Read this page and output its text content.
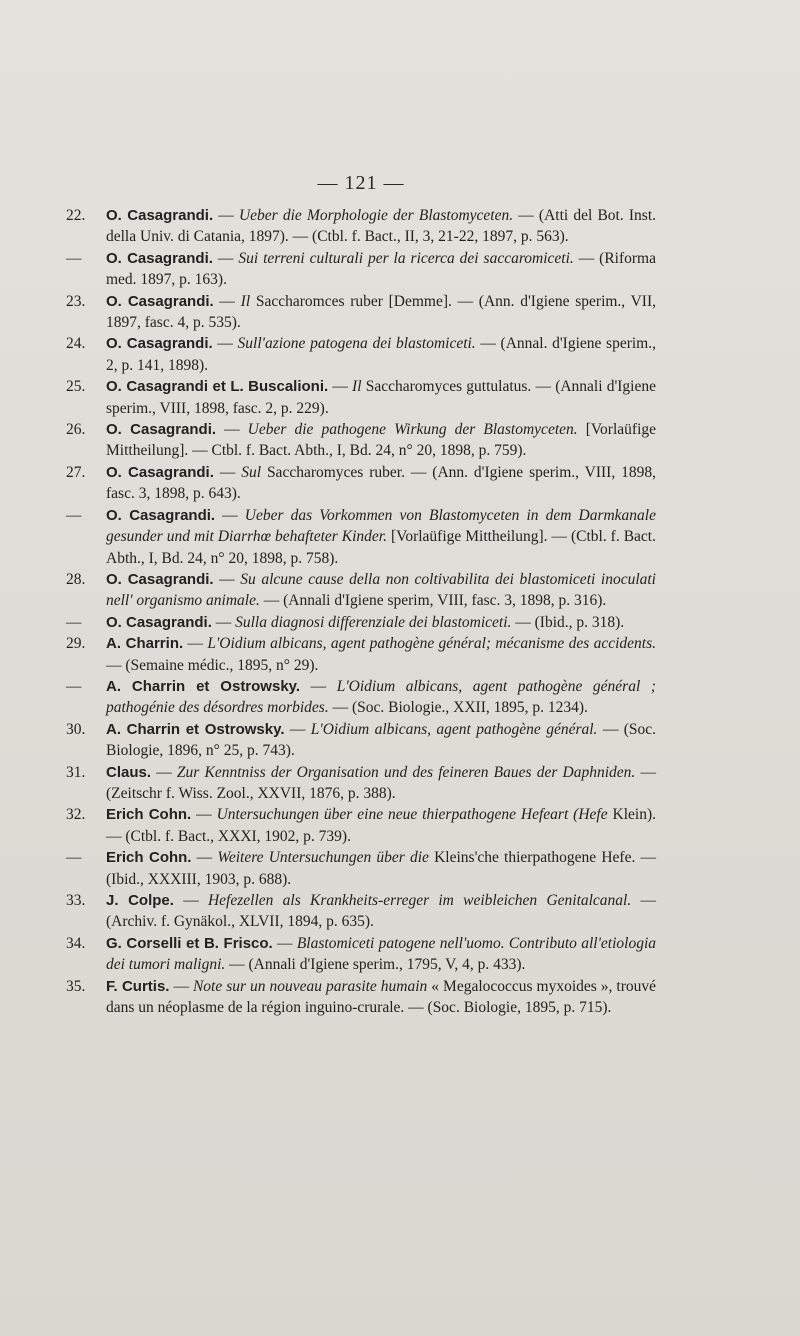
— 121 —
22.	O. Casagrandi. — Ueber die Morphologie der Blastomyceten. — (Atti del Bot. Inst. della Univ. di Catania, 1897). — (Ctbl. f. Bact., II, 3, 21-22, 1897, p. 563).
—	O. Casagrandi. — Sui terreni culturali per la ricerca dei saccaromiceti. — (Riforma med. 1897, p. 163).
23.	O. Casagrandi. — Il Saccharomces ruber [Demme]. — (Ann. d'Igiene sperim., VII, 1897, fasc. 4, p. 535).
24.	O. Casagrandi. — Sull'azione patogena dei blastomiceti. — (Annal. d'Igiene sperim., 2, p. 141, 1898).
25.	O. Casagrandi et L. Buscalioni. — Il Saccharomyces guttulatus. — (Annali d'Igiene sperim., VIII, 1898, fasc. 2, p. 229).
26.	O. Casagrandi. — Ueber die pathogene Wirkung der Blastomyceten. [Vorlaüfige Mittheilung]. — Ctbl. f. Bact. Abth., I, Bd. 24, n° 20, 1898, p. 759).
27.	O. Casagrandi. — Sul Saccharomyces ruber. — (Ann. d'Igiene sperim., VIII, 1898, fasc. 3, 1898, p. 643).
—	O. Casagrandi. — Ueber das Vorkommen von Blastomyceten in dem Darmkanale gesunder und mit Diarrhœ behafteter Kinder. [Vorlaüfige Mittheilung]. — (Ctbl. f. Bact. Abth., I, Bd. 24, n° 20, 1898, p. 758).
28.	O. Casagrandi. — Su alcune cause della non coltivabilita dei blastomiceti inoculati nell' organismo animale. — (Annali d'Igiene sperim, VIII, fasc. 3, 1898, p. 316).
—	O. Casagrandi. — Sulla diagnosi differenziale dei blastomiceti. — (Ibid., p. 318).
29.	A. Charrin. — L'Oidium albicans, agent pathogène général; mécanisme des accidents. — (Semaine médic., 1895, n° 29).
—	A. Charrin et Ostrowsky. — L'Oidium albicans, agent pathogène général ; pathogénie des désordres morbides. — (Soc. Biologie., XXII, 1895, p. 1234).
30.	A. Charrin et Ostrowsky. — L'Oidium albicans, agent pathogène général. — (Soc. Biologie, 1896, n° 25, p. 743).
31.	Claus. — Zur Kenntniss der Organisation und des feineren Baues der Daphniden. — (Zeitschr f. Wiss. Zool., XXVII, 1876, p. 388).
32.	Erich Cohn. — Untersuchungen über eine neue thierpathogene Hefeart (Hefe Klein). — (Ctbl. f. Bact., XXXI, 1902, p. 739).
—	Erich Cohn. — Weitere Untersuchungen über die Kleins'che thierpathogene Hefe. — (Ibid., XXXIII, 1903, p. 688).
33.	J. Colpe. — Hefezellen als Krankheits-erreger im weibleichen Genitalcanal. — (Archiv. f. Gynäkol., XLVII, 1894, p. 635).
34.	G. Corselli et B. Frisco. — Blastomiceti patogene nell'uomo. Contributo all'etiologia dei tumori maligni. — (Annali d'Igiene sperim., 1795, V, 4, p. 433).
35.	F. Curtis. — Note sur un nouveau parasite humain « Megalococcus myxoides », trouvé dans un néoplasme de la région inguino-crurale. — (Soc. Biologie, 1895, p. 715).
